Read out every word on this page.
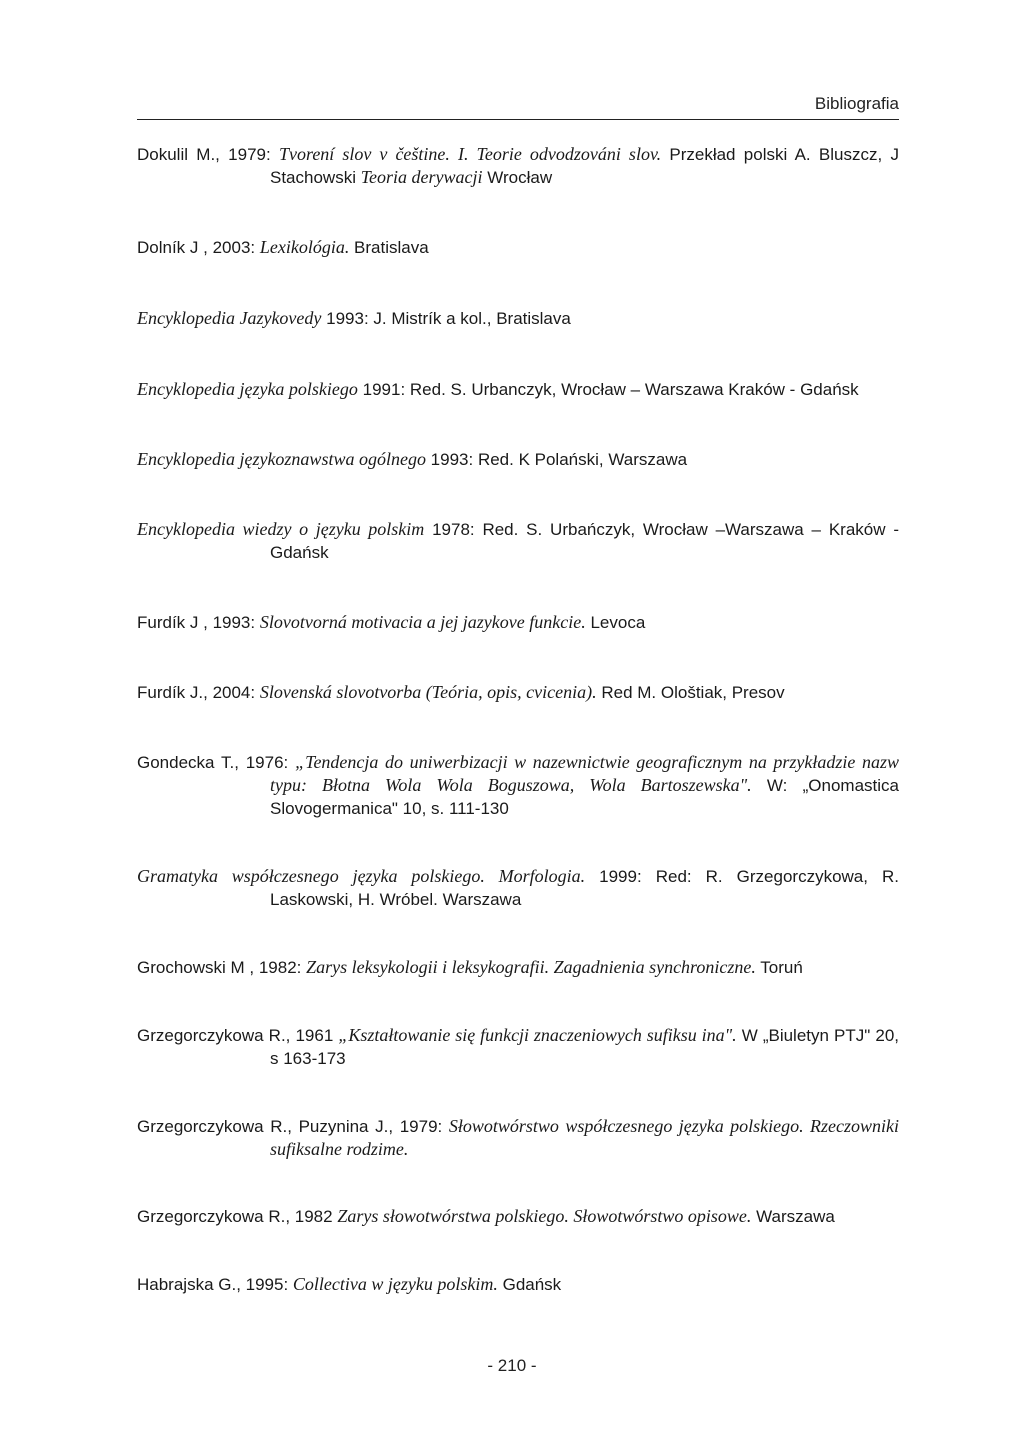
Bibliografia
Dokulil M., 1979: Tvorení slov v češtine. I. Teorie odvodzováni slov. Przekład polski A. Bluszcz, J Stachowski Teoria derywacji Wrocław
Dolník J , 2003: Lexikológia. Bratislava
Encyklopedia Jazykovedy 1993: J. Mistrík a kol., Bratislava
Encyklopedia języka polskiego 1991: Red. S. Urbanczyk, Wrocław – Warszawa Kraków - Gdańsk
Encyklopedia językoznawstwa ogólnego 1993: Red. K Polański, Warszawa
Encyklopedia wiedzy o języku polskim 1978: Red. S. Urbańczyk, Wrocław –Warszawa – Kraków - Gdańsk
Furdík J , 1993: Slovotvorná motivacia a jej jazykove funkcie. Levoca
Furdík J., 2004: Slovenská slovotvorba (Teória, opis, cvicenia). Red M. Ološtiak, Presov
Gondecka T., 1976: „Tendencja do uniwerbizacji w nazewnictwie geograficznym na przykładzie nazw typu: Błotna Wola Wola Boguszowa, Wola Bartoszewska". W: „Onomastica Slovogermanica" 10, s. 111-130
Gramatyka współczesnego języka polskiego. Morfologia. 1999: Red: R. Grzegorczykowa, R. Laskowski, H. Wróbel. Warszawa
Grochowski M , 1982: Zarys leksykologii i leksykografii. Zagadnienia synchroniczne. Toruń
Grzegorczykowa R., 1961 „Kształtowanie się funkcji znaczeniowych sufiksu ina". W „Biuletyn PTJ" 20, s 163-173
Grzegorczykowa R., Puzynina J., 1979: Słowotwórstwo współczesnego języka polskiego. Rzeczowniki sufiksalne rodzime.
Grzegorczykowa R., 1982 Zarys słowotwórstwa polskiego. Słowotwórstwo opisowe. Warszawa
Habrajska G., 1995: Collectiva w języku polskim. Gdańsk
- 210 -
